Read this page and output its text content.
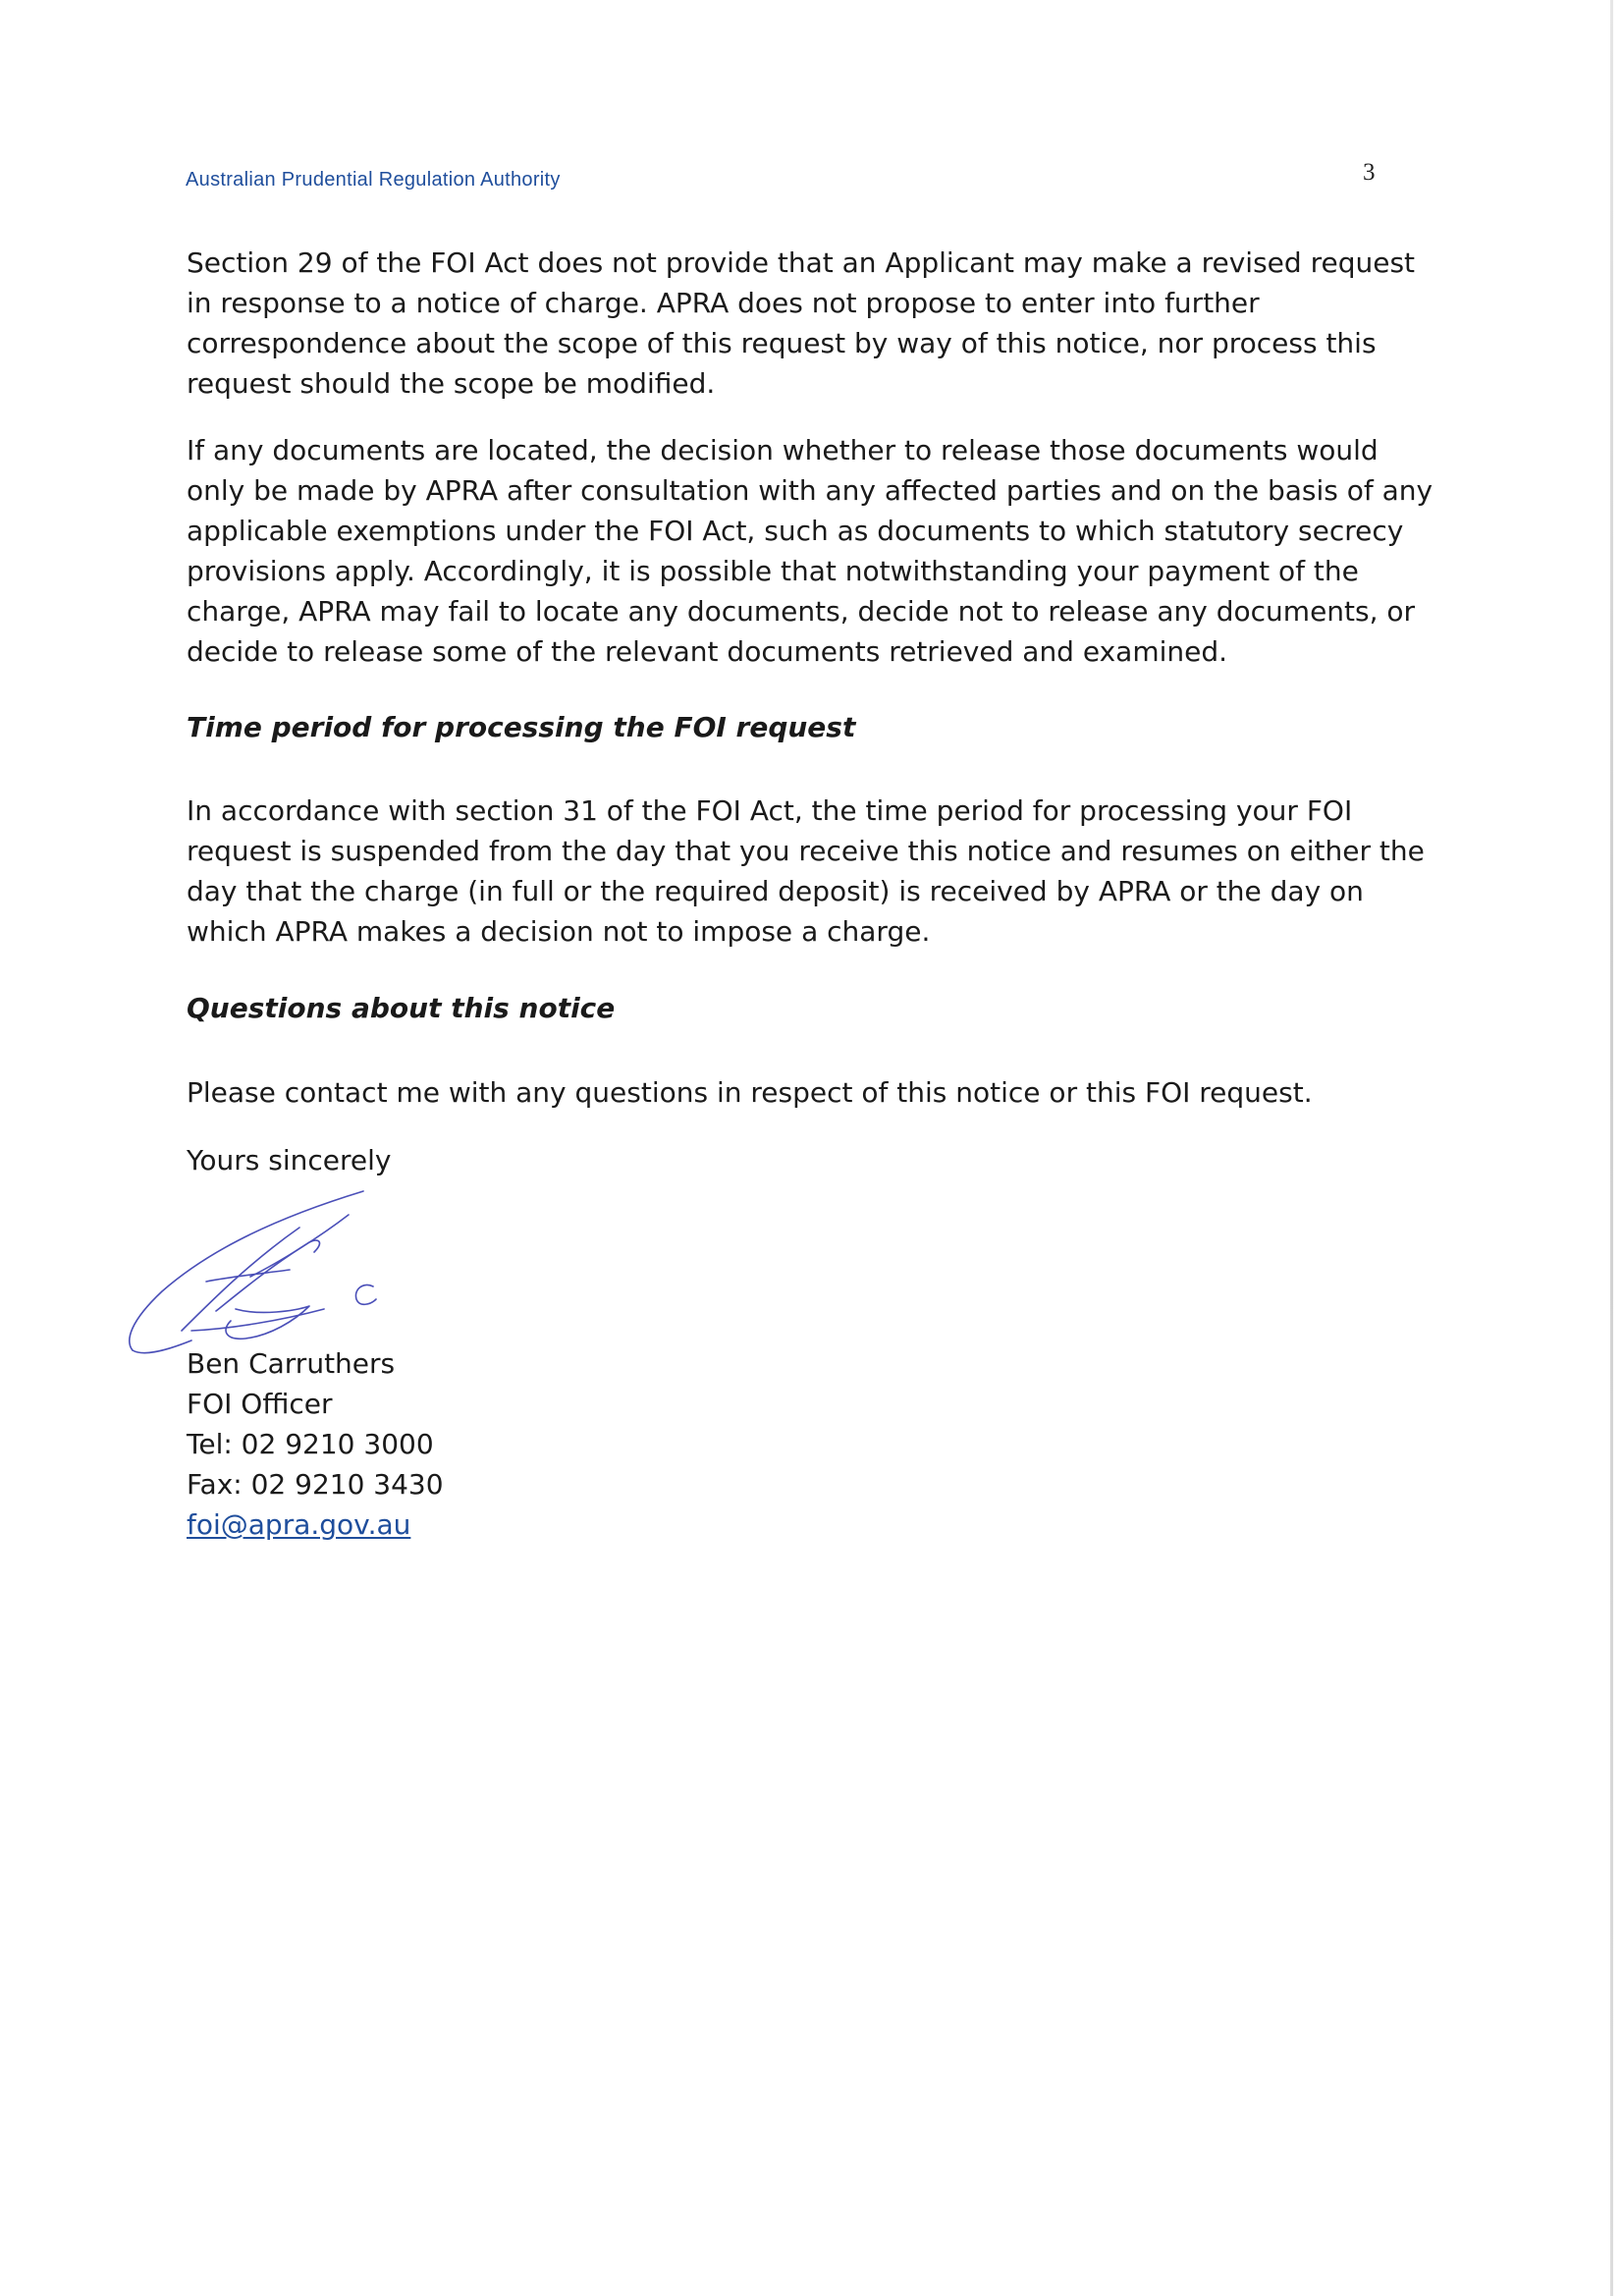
Australian Prudential Regulation Authority	3

Section 29 of the FOI Act does not provide that an Applicant may make a revised request in response to a notice of charge. APRA does not propose to enter into further correspondence about the scope of this request by way of this notice, nor process this request should the scope be modified.

If any documents are located, the decision whether to release those documents would only be made by APRA after consultation with any affected parties and on the basis of any applicable exemptions under the FOI Act, such as documents to which statutory secrecy provisions apply. Accordingly, it is possible that notwithstanding your payment of the charge, APRA may fail to locate any documents, decide not to release any documents, or decide to release some of the relevant documents retrieved and examined.

Time period for processing the FOI request

In accordance with section 31 of the FOI Act, the time period for processing your FOI request is suspended from the day that you receive this notice and resumes on either the day that the charge (in full or the required deposit) is received by APRA or the day on which APRA makes a decision not to impose a charge.

Questions about this notice

Please contact me with any questions in respect of this notice or this FOI request.

Yours sincerely

Ben Carruthers
FOI Officer
Tel: 02 9210 3000
Fax: 02 9210 3430
foi@apra.gov.au
